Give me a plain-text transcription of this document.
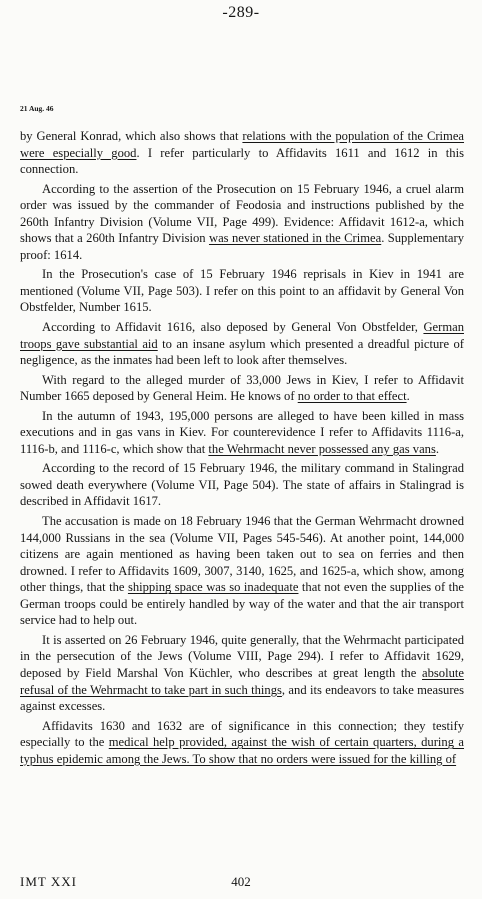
-289-
21 Aug. 46

by General Konrad, which also shows that relations with the population of the Crimea were especially good. I refer particularly to Affidavits 1611 and 1612 in this connection.

According to the assertion of the Prosecution on 15 February 1946, a cruel alarm order was issued by the commander of Feodosia and instructions published by the 260th Infantry Division (Volume VII, Page 499). Evidence: Affidavit 1612-a, which shows that a 260th Infantry Division was never stationed in the Crimea. Supplementary proof: 1614.

In the Prosecution's case of 15 February 1946 reprisals in Kiev in 1941 are mentioned (Volume VII, Page 503). I refer on this point to an affidavit by General Von Obstfelder, Number 1615.

According to Affidavit 1616, also deposed by General Von Obstfelder, German troops gave substantial aid to an insane asylum which presented a dreadful picture of negligence, as the inmates had been left to look after themselves.

With regard to the alleged murder of 33,000 Jews in Kiev, I refer to Affidavit Number 1665 deposed by General Heim. He knows of no order to that effect.

In the autumn of 1943, 195,000 persons are alleged to have been killed in mass executions and in gas vans in Kiev. For counterevidence I refer to Affidavits 1116-a, 1116-b, and 1116-c, which show that the Wehrmacht never possessed any gas vans.

According to the record of 15 February 1946, the military command in Stalingrad sowed death everywhere (Volume VII, Page 504). The state of affairs in Stalingrad is described in Affidavit 1617.

The accusation is made on 18 February 1946 that the German Wehrmacht drowned 144,000 Russians in the sea (Volume VII, Pages 545-546). At another point, 144,000 citizens are again mentioned as having been taken out to sea on ferries and then drowned. I refer to Affidavits 1609, 3007, 3140, 1625, and 1625-a, which show, among other things, that the shipping space was so inadequate that not even the supplies of the German troops could be entirely handled by way of the water and that the air transport service had to help out.

It is asserted on 26 February 1946, quite generally, that the Wehrmacht participated in the persecution of the Jews (Volume VIII, Page 294). I refer to Affidavit 1629, deposed by Field Marshal Von Küchler, who describes at great length the absolute refusal of the Wehrmacht to take part in such things, and its endeavors to take measures against excesses.

Affidavits 1630 and 1632 are of significance in this connection; they testify especially to the medical help provided, against the wish of certain quarters, during a typhus epidemic among the Jews. To show that no orders were issued for the killing of

IMT XXI	402
